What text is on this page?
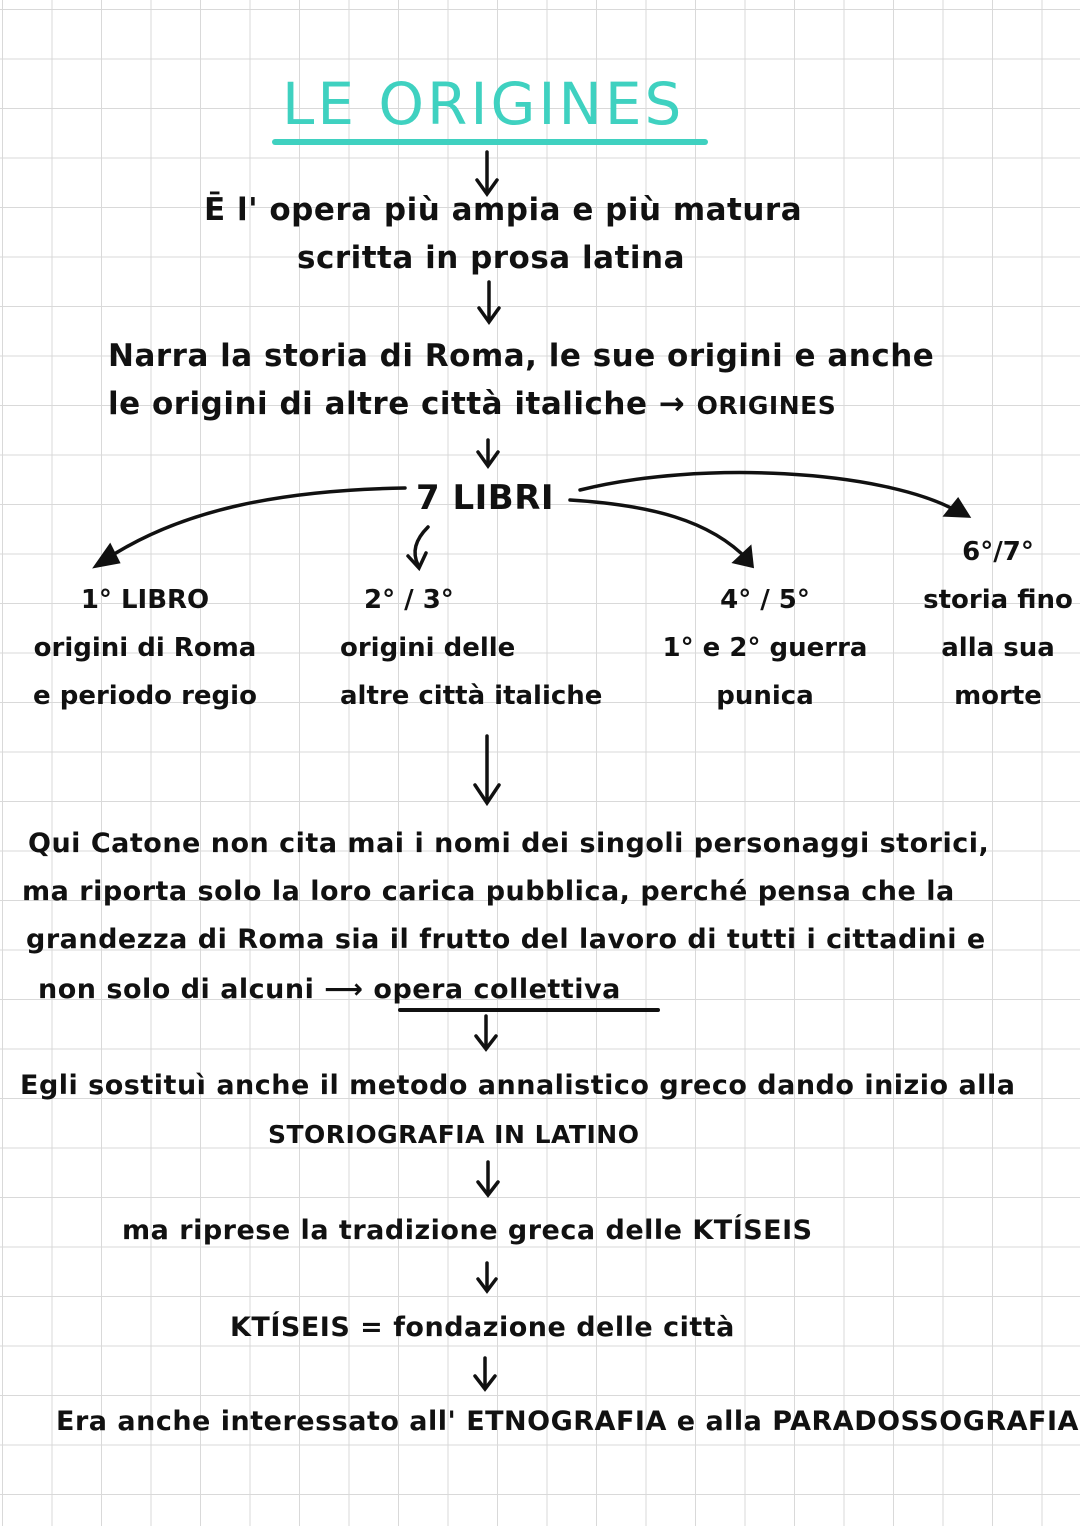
LE ORIGINES
Ē l' opera più ampia e più matura
scritta in prosa latina
Narra la storia di Roma, le sue origini e anche
le origini di altre città italiche → ORIGINES
7 LIBRI
1° LIBRO
origini di Roma
e periodo regio
2° / 3°
origini delle
altre città italiche
4° / 5°
1° e 2° guerra
punica
6°/7°
storia fino
alla sua
morte
Qui Catone non cita mai i nomi dei singoli personaggi storici,
ma riporta solo la loro carica pubblica, perché pensa che la
grandezza di Roma sia il frutto del lavoro di tutti i cittadini e
non solo di alcuni ⟶ opera collettiva
Egli sostituì anche il metodo annalistico greco dando inizio alla
STORIOGRAFIA IN LATINO
ma riprese la tradizione greca delle KTÍSEIS
KTÍSEIS = fondazione delle città
Era anche interessato all' ETNOGRAFIA e alla PARADOSSOGRAFIA
